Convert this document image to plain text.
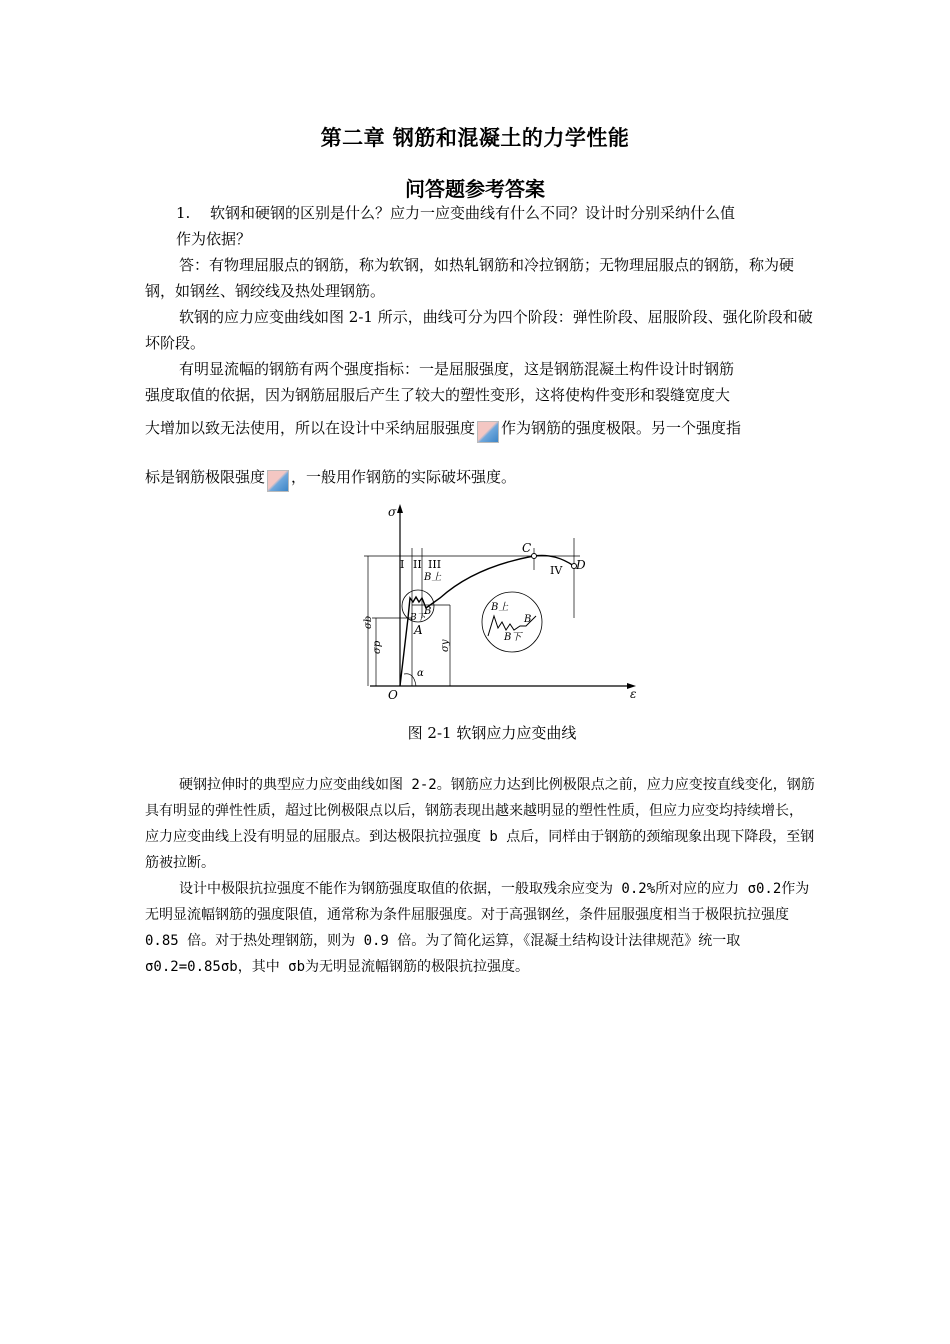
第二章 钢筋和混凝土的力学性能
问答题参考答案
1. 软钢和硬钢的区别是什么？应力一应变曲线有什么不同？设计时分别采纳什么值
作为依据？

答：有物理屈服点的钢筋，称为软钢，如热轧钢筋和冷拉钢筋；无物理屈服点的钢筋，称为硬钢，如钢丝、钢绞线及热处理钢筋。

软钢的应力应变曲线如图 2-1 所示，曲线可分为四个阶段：弹性阶段、屈服阶段、强化阶段和破坏阶段。

有明显流幅的钢筋有两个强度指标：一是屈服强度，这是钢筋混凝土构件设计时钢筋

强度取值的依据，因为钢筋屈服后产生了较大的塑性变形，这将使构件变形和裂缝宽度大

大增加以致无法使用，所以在设计中采纳屈服强度 作为钢筋的强度极限。另一个强度指

标是钢筋极限强度 ，一般用作钢筋的实际破坏强度。

σ
ε
O
σb
σp	σy
I II III	IV
C
D
A
B
B上
B下
α
B上
B
B下
图 2-1 软钢应力应变曲线

硬钢拉伸时的典型应力应变曲线如图 2-2。钢筋应力达到比例极限点之前，应力应变按直线变化，钢筋具有明显的弹性性质，超过比例极限点以后，钢筋表现出越来越明显的塑性性质，但应力应变均持续增长，应力应变曲线上没有明显的屈服点。到达极限抗拉强度 b 点后，同样由于钢筋的颈缩现象出现下降段，至钢筋被拉断。

设计中极限抗拉强度不能作为钢筋强度取值的依据，一般取残余应变为 0.2%所对应的应力 σ0.2作为无明显流幅钢筋的强度限值，通常称为条件屈服强度。对于高强钢丝，条件屈服强度相当于极限抗拉强度 0.85 倍。对于热处理钢筋，则为 0.9 倍。为了简化运算，《混凝土结构设计法律规范》统一取 σ0.2=0.85σb，其中 σb为无明显流幅钢筋的极限抗拉强度。
